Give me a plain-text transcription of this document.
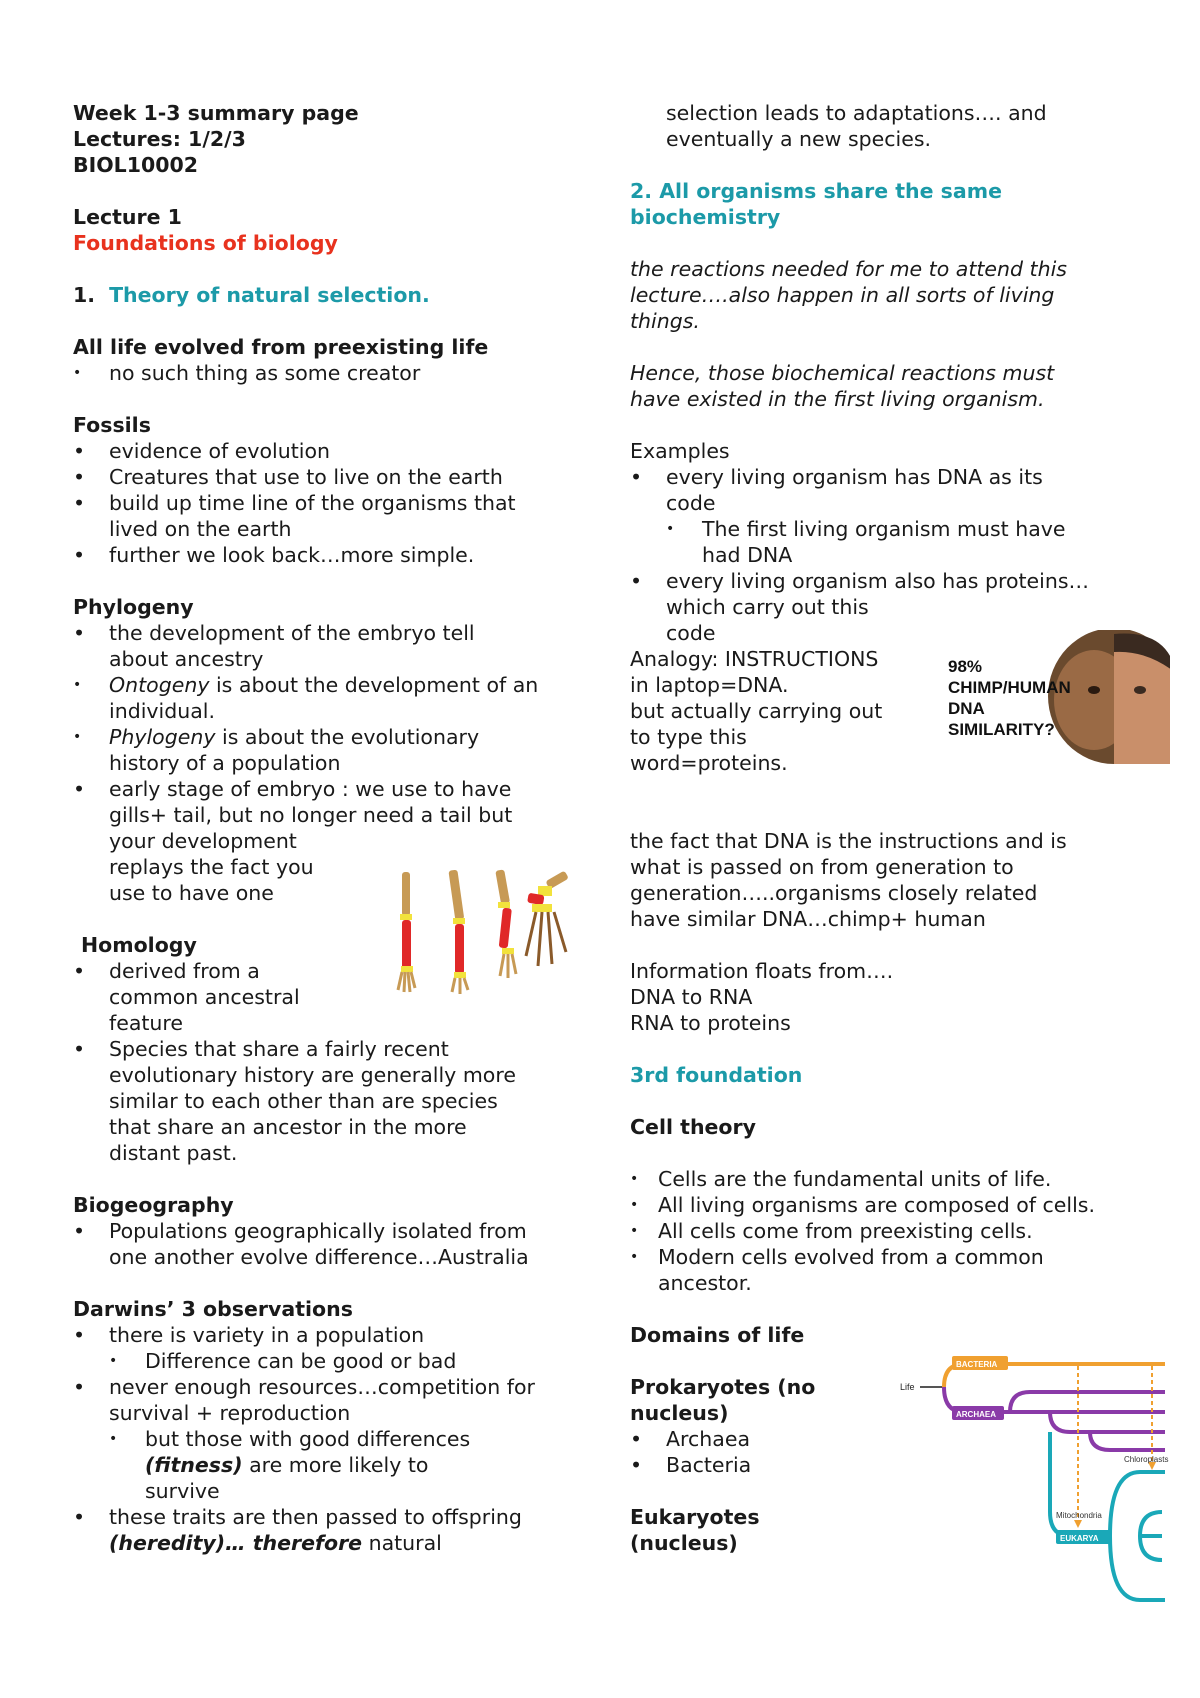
Week 1-3 summary page
Lectures: 1/2/3
BIOL10002
Lecture 1
Foundations of biology
1. Theory of natural selection.
All life evolved from preexisting life
•	no such thing as some creator
Fossils
•	evidence of evolution
•	Creatures that use to live on the earth
•	build up time line of the organisms that
lived on the earth
•	further we look back…more simple.
Phylogeny
•	the development of the embryo tell
about ancestry
•	Ontogeny is about the development of an
individual.
•	Phylogeny is about the evolutionary
history of a population
•	early stage of embryo : we use to have
gills+ tail, but no longer need a tail but
your development
replays the fact you
use to have one
Homology
•	derived from a
common ancestral
feature
•	Species that share a fairly recent
evolutionary history are generally more
similar to each other than are species
that share an ancestor in the more
distant past.
Biogeography
•	Populations geographically isolated from
one another evolve difference…Australia
Darwins’ 3 observations
•	there is variety in a population
•	Difference can be good or bad
•	never enough resources…competition for
survival + reproduction
•	but those with good differences
(fitness) are more likely to
survive
•	these traits are then passed to offspring
(heredity)… therefore natural
selection leads to adaptations…. and
eventually a new species.
2. All organisms share the same
biochemistry
the reactions needed for me to attend this
lecture….also happen in all sorts of living
things.
Hence, those biochemical reactions must
have existed in the first living organism.
Examples
•	every living organism has DNA as its
code
•	The first living organism must have
had DNA
•	every living organism also has proteins…
which carry out this
code
Analogy: INSTRUCTIONS
in laptop=DNA.
but actually carrying out
to type this
word=proteins.
the fact that DNA is the instructions and is
what is passed on from generation to
generation…..organisms closely related
have similar DNA…chimp+ human
Information floats from….
DNA to RNA
RNA to proteins
3rd foundation
Cell theory
• Cells are the fundamental units of life.
• All living organisms are composed of cells.
• All cells come from preexisting cells.
• Modern cells evolved from a common
ancestor.
Domains of life
Prokaryotes (no
nucleus)
•	Archaea
•	Bacteria
Eukaryotes
(nucleus)
98%
CHIMP/HUMAN
DNA
SIMILARITY?
Life
BACTERIA
ARCHAEA
EUKARYA
Chloroplasts
Mitochondria
